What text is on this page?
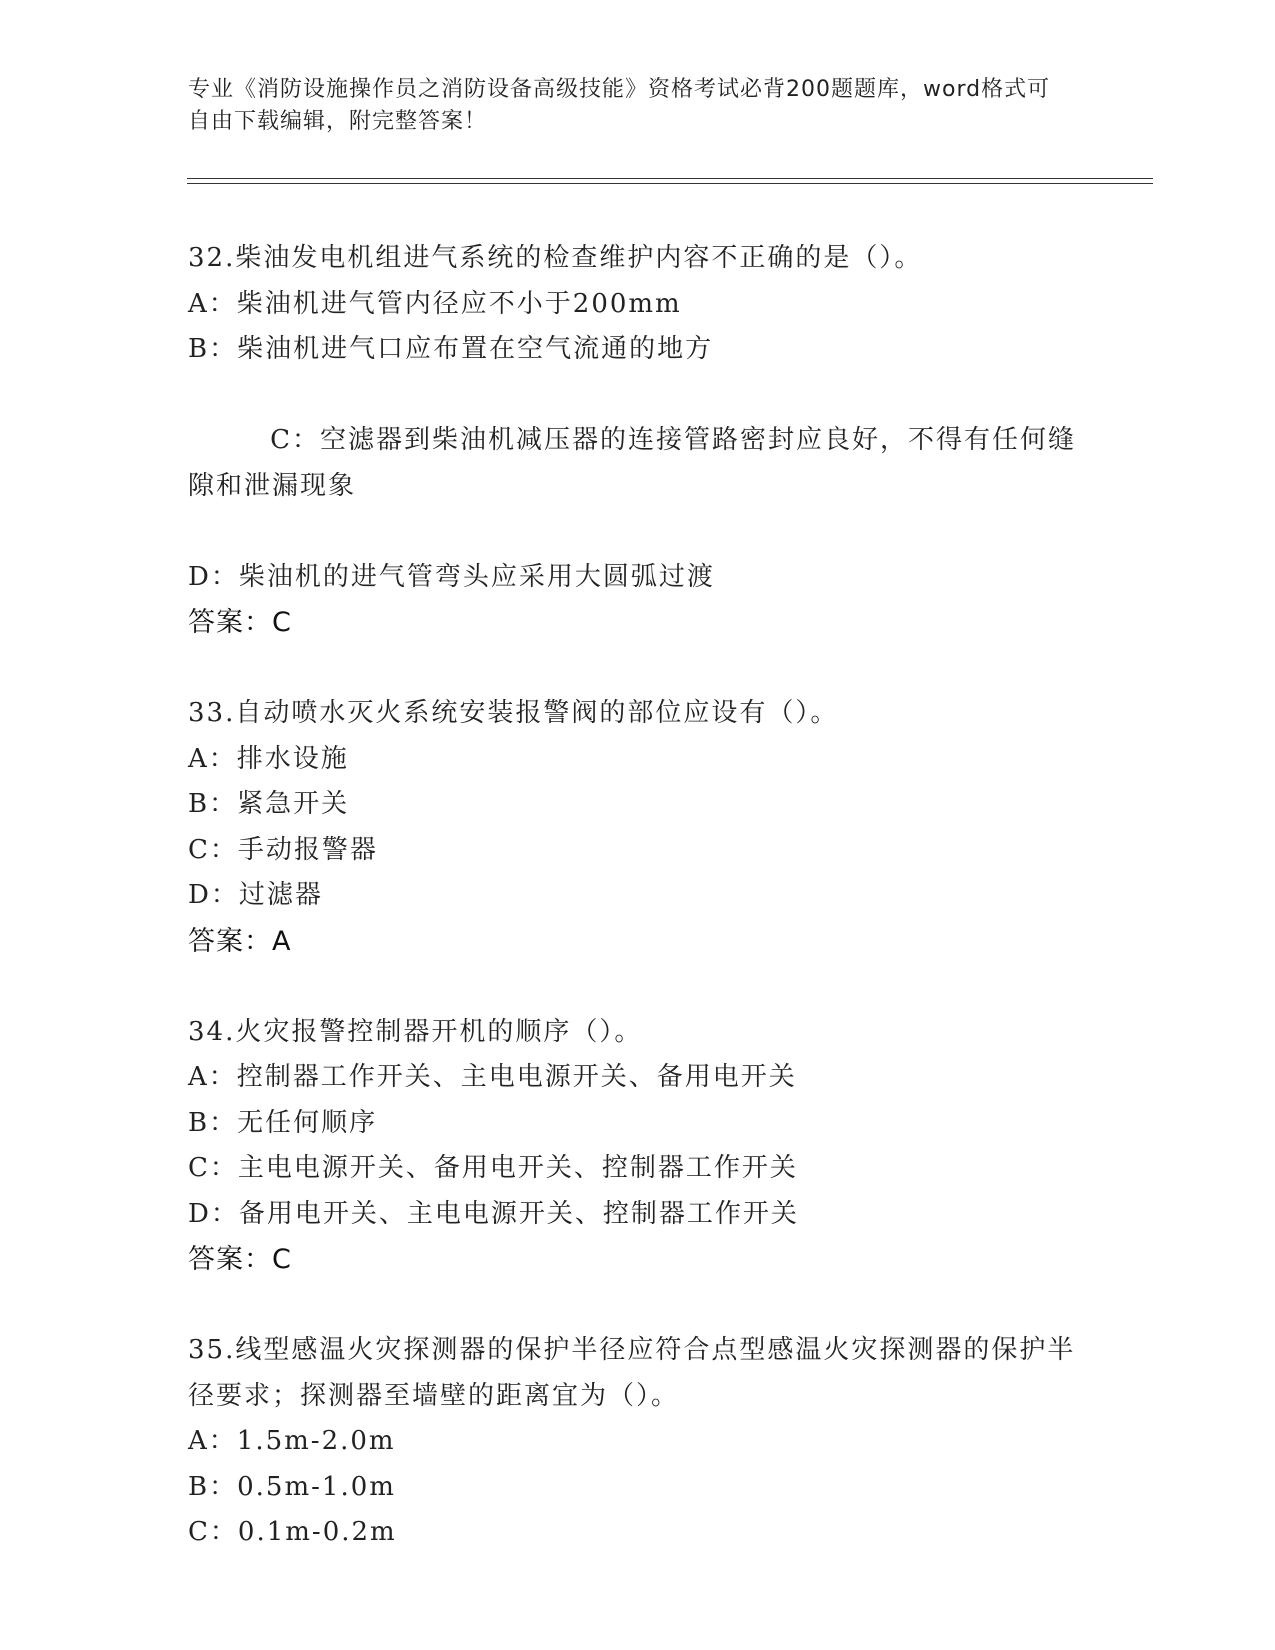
专业《消防设施操作员之消防设备高级技能》资格考试必背200题题库，word格式可自由下载编辑，附完整答案！
32.柴油发电机组进气系统的检查维护内容不正确的是（）。
A： 柴油机进气管内径应不小于200mm
B： 柴油机进气口应布置在空气流通的地方

C：空滤器到柴油机减压器的连接管路密封应良好，不得有任何缝隙和泄漏现象

D： 柴油机的进气管弯头应采用大圆弧过渡
答案：C
33.自动喷水灭火系统安装报警阀的部位应设有（）。
A： 排水设施
B： 紧急开关
C： 手动报警器
D： 过滤器
答案：A
34.火灾报警控制器开机的顺序（）。
A： 控制器工作开关、主电电源开关、备用电开关
B： 无任何顺序
C： 主电电源开关、备用电开关、控制器工作开关
D： 备用电开关、主电电源开关、控制器工作开关
答案：C
35.线型感温火灾探测器的保护半径应符合点型感温火灾探测器的保护半径要求；探测器至墙壁的距离宜为（）。
A： 1.5m-2.0m
B： 0.5m-1.0m
C： 0.1m-0.2m
